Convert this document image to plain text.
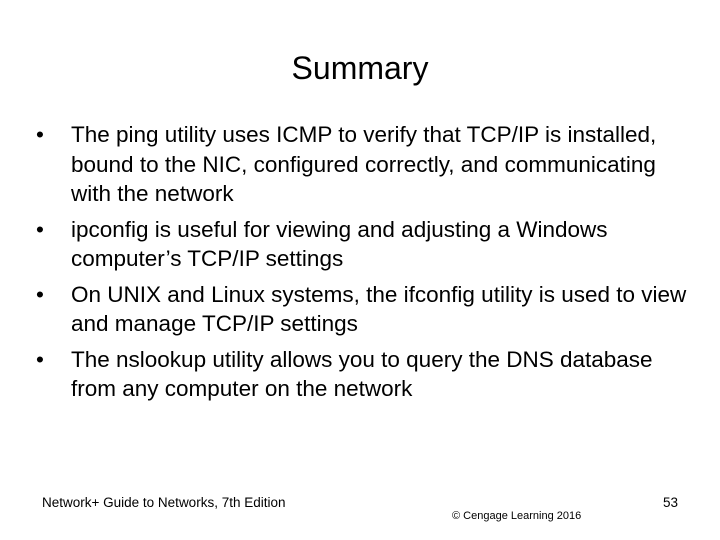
Summary
• The ping utility uses ICMP to verify that TCP/IP is installed, bound to the NIC, configured correctly, and communicating with the network
• ipconfig is useful for viewing and adjusting a Windows computer’s TCP/IP settings
• On UNIX and Linux systems, the ifconfig utility is used to view and manage TCP/IP settings
• The nslookup utility allows you to query the DNS database from any computer on the network
Network+ Guide to Networks, 7th Edition
© Cengage Learning 2016
53
